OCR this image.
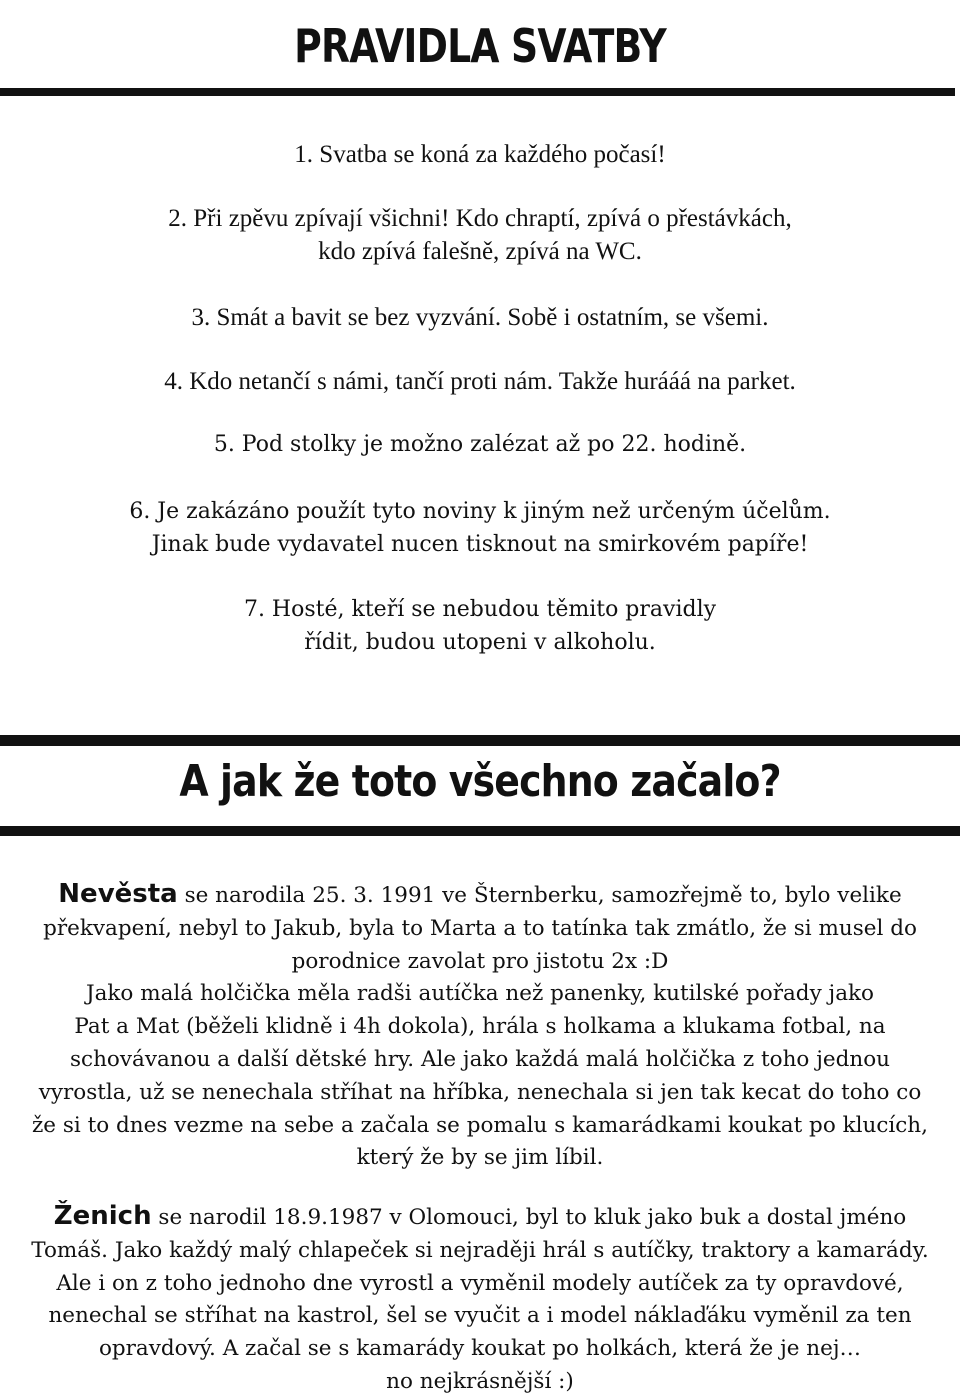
PRAVIDLA SVATBY
1. Svatba se koná za každého počasí!
2. Při zpěvu zpívají všichni! Kdo chraptí, zpívá o přestávkách,
kdo zpívá falešně, zpívá na WC.
3. Smát a bavit se bez vyzvání. Sobě i ostatním, se všemi.
4. Kdo netančí s námi, tančí proti nám. Takže hurááá na parket.
5. Pod stolky je možno zalézat až po 22. hodině.
6. Je zakázáno použít tyto noviny k jiným než určeným účelům.
Jinak bude vydavatel nucen tisknout na smirkovém papíře!
7. Hosté, kteří se nebudou těmito pravidly
řídit, budou utopeni v alkoholu.
A jak že toto všechno začalo?
Nevěsta se narodila 25. 3. 1991 ve Šternberku, samozřejmě to, bylo velike
překvapení, nebyl to Jakub, byla to Marta a to tatínka tak zmátlo, že si musel do
porodnice zavolat pro jistotu 2x :D
Jako malá holčička měla radši autíčka než panenky, kutilské pořady jako
Pat a Mat (běželi klidně i 4h dokola), hrála s holkama a klukama fotbal, na
schovávanou a další dětské hry. Ale jako každá malá holčička z toho jednou
vyrostla, už se nenechala stříhat na hříbka, nenechala si jen tak kecat do toho co
že si to dnes vezme na sebe a začala se pomalu s kamarádkami koukat po klucích,
který že by se jim líbil.
Ženich se narodil 18.9.1987 v Olomouci, byl to kluk jako buk a dostal jméno
Tomáš. Jako každý malý chlapeček si nejraději hrál s autíčky, traktory a kamarády.
Ale i on z toho jednoho dne vyrostl a vyměnil modely autíček za ty opravdové,
nenechal se stříhat na kastrol, šel se vyučit a i model náklaďáku vyměnil za ten
opravdový. A začal se s kamarády koukat po holkách, která že je nej…
no nejkrásnější :)
